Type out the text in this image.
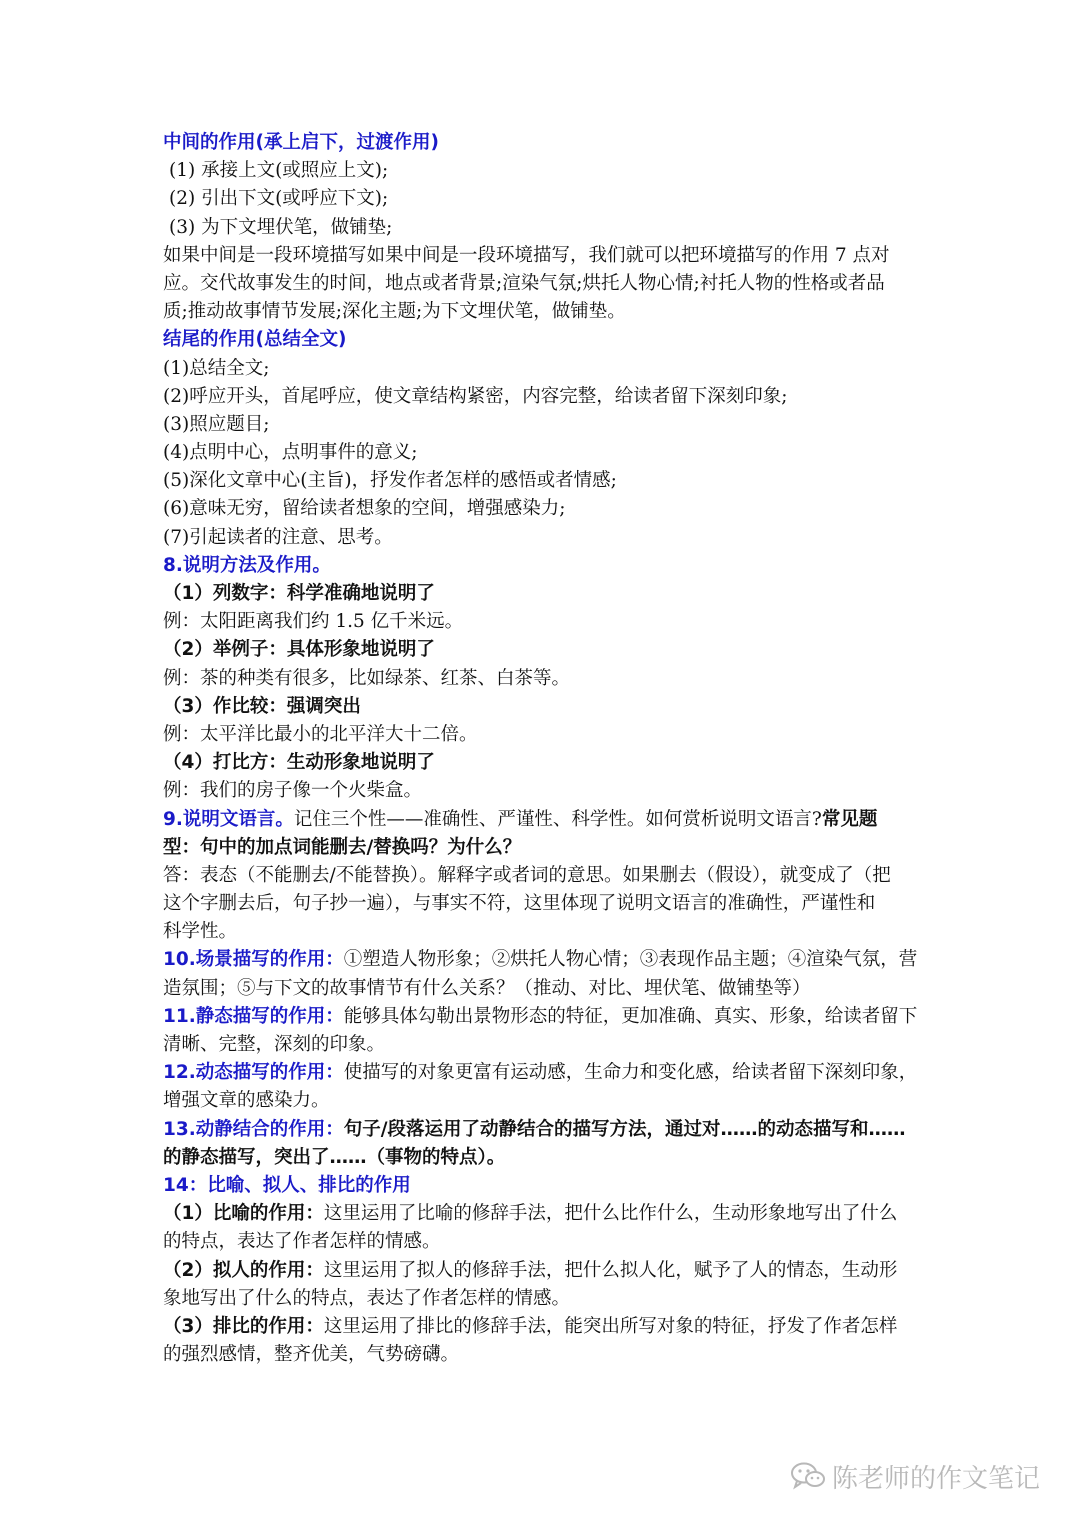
中间的作用(承上启下，过渡作用)
(1) 承接上文(或照应上文);
(2) 引出下文(或呼应下文);
(3) 为下文埋伏笔，做铺垫;
如果中间是一段环境描写如果中间是一段环境描写，我们就可以把环境描写的作用 7 点对
应。交代故事发生的时间，地点或者背景;渲染气氛;烘托人物心情;衬托人物的性格或者品
质;推动故事情节发展;深化主题;为下文埋伏笔，做铺垫。
结尾的作用(总结全文)
(1)总结全文;
(2)呼应开头，首尾呼应，使文章结构紧密，内容完整，给读者留下深刻印象;
(3)照应题目;
(4)点明中心，点明事件的意义;
(5)深化文章中心(主旨)，抒发作者怎样的感悟或者情感;
(6)意味无穷，留给读者想象的空间，增强感染力;
(7)引起读者的注意、思考。
8.说明方法及作用。
（1）列数字：科学准确地说明了
例：太阳距离我们约 1.5 亿千米远。
（2）举例子：具体形象地说明了
例：茶的种类有很多，比如绿茶、红茶、白茶等。
（3）作比较：强调突出
例：太平洋比最小的北平洋大十二倍。
（4）打比方：生动形象地说明了
例：我们的房子像一个火柴盒。
9.说明文语言。记住三个性——准确性、严谨性、科学性。如何赏析说明文语言?常见题
型：句中的加点词能删去/替换吗？为什么？
答：表态（不能删去/不能替换）。解释字或者词的意思。如果删去（假设），就变成了（把
这个字删去后，句子抄一遍），与事实不符，这里体现了说明文语言的准确性，严谨性和
科学性。
10.场景描写的作用：①塑造人物形象；②烘托人物心情；③表现作品主题；④渲染气氛，营
造氛围；⑤与下文的故事情节有什么关系？（推动、对比、埋伏笔、做铺垫等）
11.静态描写的作用：能够具体勾勒出景物形态的特征，更加准确、真实、形象，给读者留下
清晰、完整，深刻的印象。
12.动态描写的作用：使描写的对象更富有运动感，生命力和变化感，给读者留下深刻印象，
增强文章的感染力。
13.动静结合的作用：句子/段落运用了动静结合的描写方法，通过对……的动态描写和……
的静态描写，突出了……（事物的特点）。
14：比喻、拟人、排比的作用
（1）比喻的作用：这里运用了比喻的修辞手法，把什么比作什么，生动形象地写出了什么
的特点，表达了作者怎样的情感。
（2）拟人的作用：这里运用了拟人的修辞手法，把什么拟人化，赋予了人的情态，生动形
象地写出了什么的特点，表达了作者怎样的情感。
（3）排比的作用：这里运用了排比的修辞手法，能突出所写对象的特征，抒发了作者怎样
的强烈感情，整齐优美，气势磅礴。
陈老师的作文笔记
